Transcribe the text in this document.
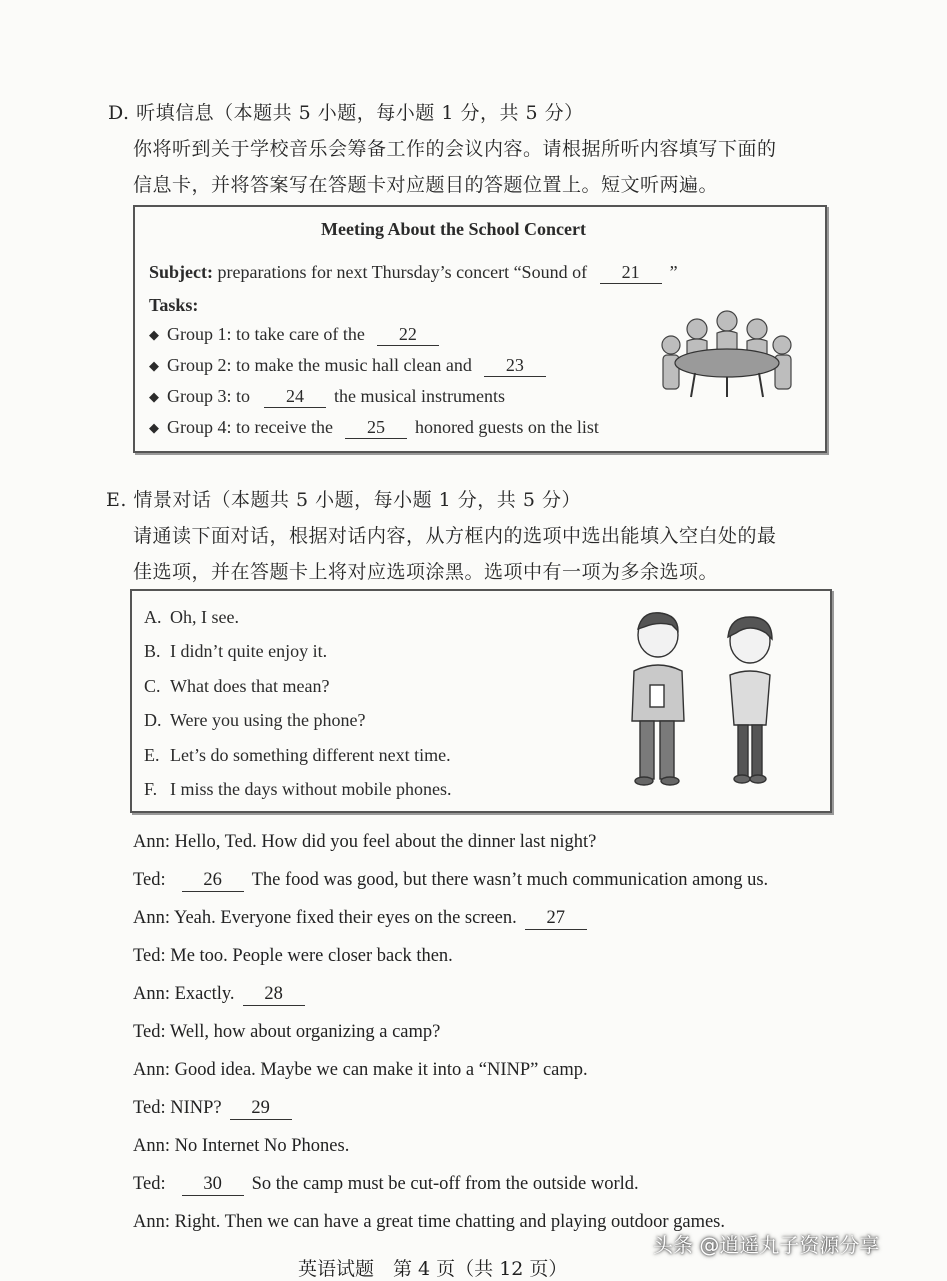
D. 听填信息（本题共 5 小题，每小题 1 分，共 5 分）
你将听到关于学校音乐会筹备工作的会议内容。请根据所听内容填写下面的
信息卡，并将答案写在答题卡对应题目的答题位置上。短文听两遍。
Meeting About the School Concert
Subject: preparations for next Thursday’s concert “Sound of 21 ”
Tasks:
◆ Group 1: to take care of the 22
◆ Group 2: to make the music hall clean and 23
◆ Group 3: to 24 the musical instruments
◆ Group 4: to receive the 25 honored guests on the list
E. 情景对话（本题共 5 小题，每小题 1 分，共 5 分）
请通读下面对话，根据对话内容，从方框内的选项中选出能填入空白处的最
佳选项，并在答题卡上将对应选项涂黑。选项中有一项为多余选项。
A. Oh, I see.
B. I didn’t quite enjoy it.
C. What does that mean?
D. Were you using the phone?
E. Let’s do something different next time.
F. I miss the days without mobile phones.
Ann: Hello, Ted. How did you feel about the dinner last night?
Ted: 26 The food was good, but there wasn’t much communication among us.
Ann: Yeah. Everyone fixed their eyes on the screen. 27
Ted: Me too. People were closer back then.
Ann: Exactly. 28
Ted: Well, how about organizing a camp?
Ann: Good idea. Maybe we can make it into a “NINP” camp.
Ted: NINP? 29
Ann: No Internet No Phones.
Ted: 30 So the camp must be cut-off from the outside world.
Ann: Right. Then we can have a great time chatting and playing outdoor games.
英语试题　第 4 页（共 12 页）
头条 @逍遥丸子资源分享
